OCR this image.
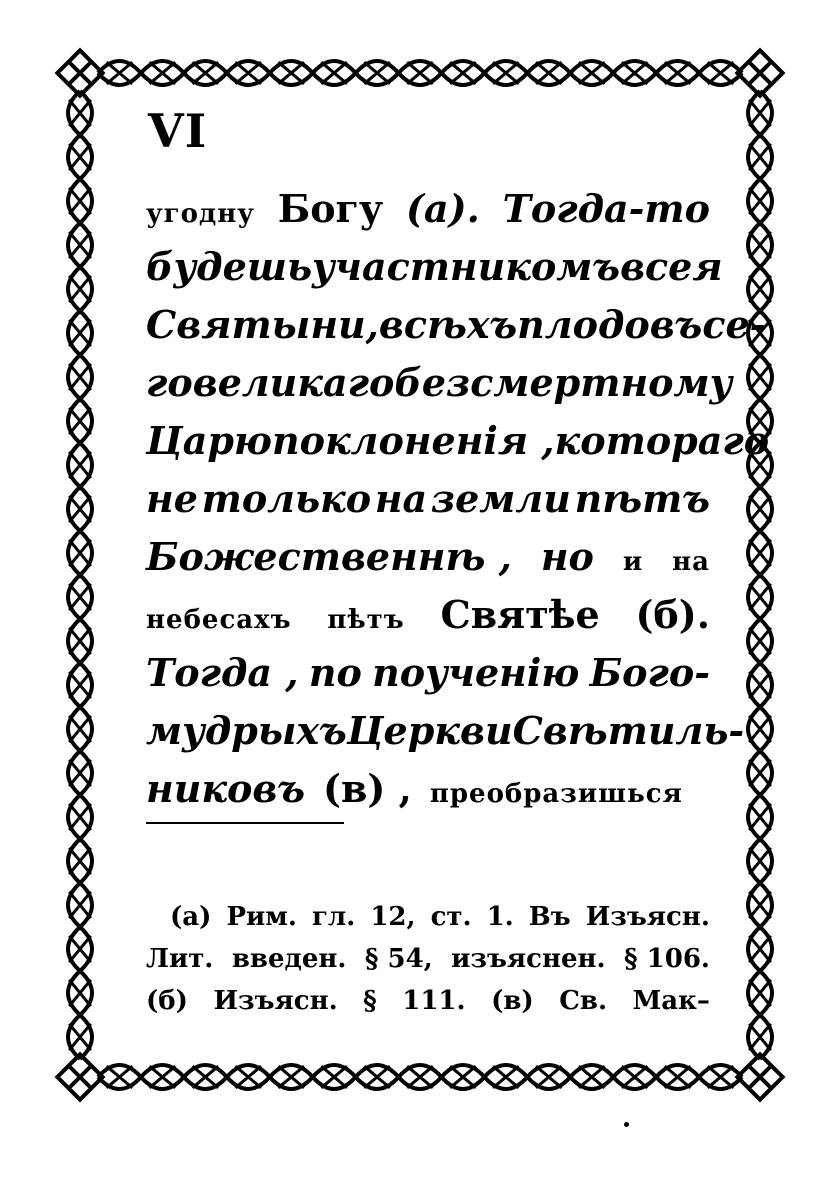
VI
угодну Богу (а). Тогда-то
будешь участникомъ всея
Святыни, всѣхъ плодовъ се-
го великаго безсмертному
Царю поклоненія , котораго
не только на земли пѣтъ
Божественнѣ , но и на
небесахъ пѣтъ Святѣе (б).
Тогда , по поученію Бого-
мудрыхъ Церкви Свѣтиль-
никовъ (в) , преобразишься
(а) Рим. гл. 12, ст. 1. Въ Изъясн.
Лит. введен. § 54, изъяснен. § 106.
(б) Изъясн. § 111. (в) Св. Мак–
